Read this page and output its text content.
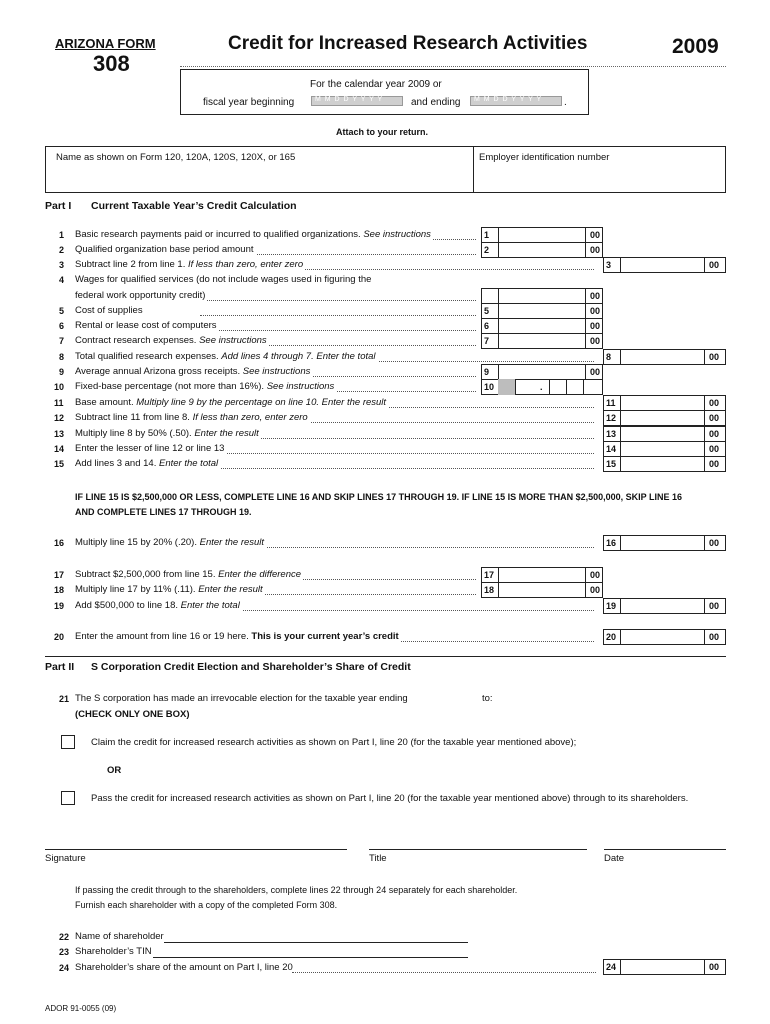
ARIZONA FORM
308
Credit for Increased Research Activities	2009
For the calendar year 2009 or
fiscal year beginning	M M D D Y Y Y Y	and ending M M D D Y Y Y Y .
Attach to your return.
Name as shown on Form 120, 120A, 120S, 120X, or 165	Employer identification number
Part I Current Taxable Year’s Credit Calculation
1 Basic research payments paid or incurred to qualified organizations. See instructions	1	00
2 Qualified organization base period amount	2	00
3 Subtract line 2 from line 1. If less than zero, enter zero	3	00
4 Wages for qualified services (do not include wages used in figuring the
federal work opportunity credit)	00
5 Cost of supplies	5	00
6 Rental or lease cost of computers	6	00
7 Contract research expenses. See instructions	7	00
8 Total qualified research expenses. Add lines 4 through 7. Enter the total	8	00
9 Average annual Arizona gross receipts. See instructions	9	00
10 Fixed-base percentage (not more than 16%). See instructions	10	.
11 Base amount. Multiply line 9 by the percentage on line 10. Enter the result	11	00
12 Subtract line 11 from line 8. If less than zero, enter zero	12	00
13 Multiply line 8 by 50% (.50). Enter the result	13	00
14 Enter the lesser of line 12 or line 13	14	00
15 Add lines 3 and 14. Enter the total	15	00
IF LINE 15 IS $2,500,000 OR LESS, COMPLETE LINE 16 AND SKIP LINES 17 THROUGH 19. IF LINE 15 IS MORE THAN $2,500,000, SKIP LINE 16
AND COMPLETE LINES 17 THROUGH 19.
16 Multiply line 15 by 20% (.20). Enter the result	16	00
17 Subtract $2,500,000 from line 15. Enter the difference	17	00
18 Multiply line 17 by 11% (.11). Enter the result	18	00
19 Add $500,000 to line 18. Enter the total	19	00
20 Enter the amount from line 16 or 19 here. This is your current year’s credit	20	00
Part II S Corporation Credit Election and Shareholder’s Share of Credit
21 The S corporation has made an irrevocable election for the taxable year ending	to:
(CHECK ONLY ONE BOX)
Claim the credit for increased research activities as shown on Part I, line 20 (for the taxable year mentioned above);
OR
Pass the credit for increased research activities as shown on Part I, line 20 (for the taxable year mentioned above) through to its shareholders.
Signature	Title	Date
If passing the credit through to the shareholders, complete lines 22 through 24 separately for each shareholder.
Furnish each shareholder with a copy of the completed Form 308.
22 Name of shareholder
23 Shareholder’s TIN
24 Shareholder’s share of the amount on Part I, line 20	24	00
ADOR 91-0055 (09)
